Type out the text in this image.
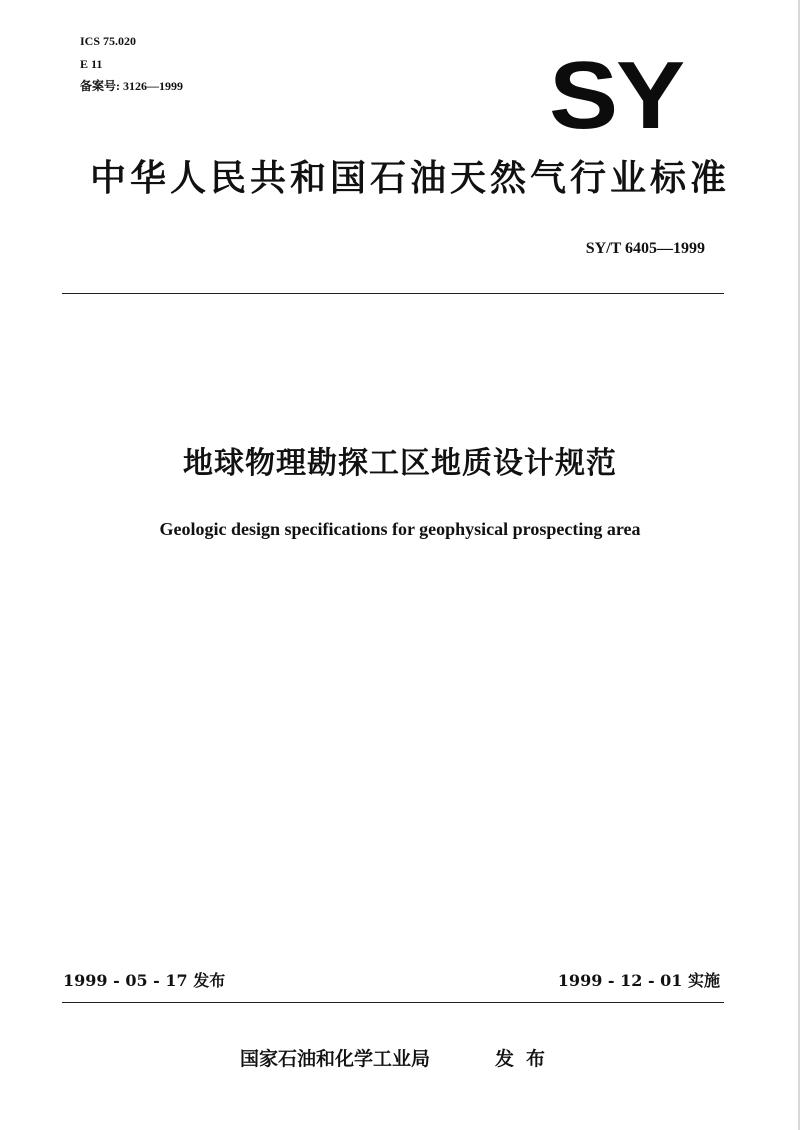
ICS 75.020
E 11
备案号: 3126—1999	SY
中华人民共和国石油天然气行业标准
SY/T 6405—1999
地球物理勘探工区地质设计规范
Geologic design specifications for geophysical prospecting area
1999 - 05 - 17 发布	1999 - 12 - 01 实施
国家石油和化学工业局	发布
